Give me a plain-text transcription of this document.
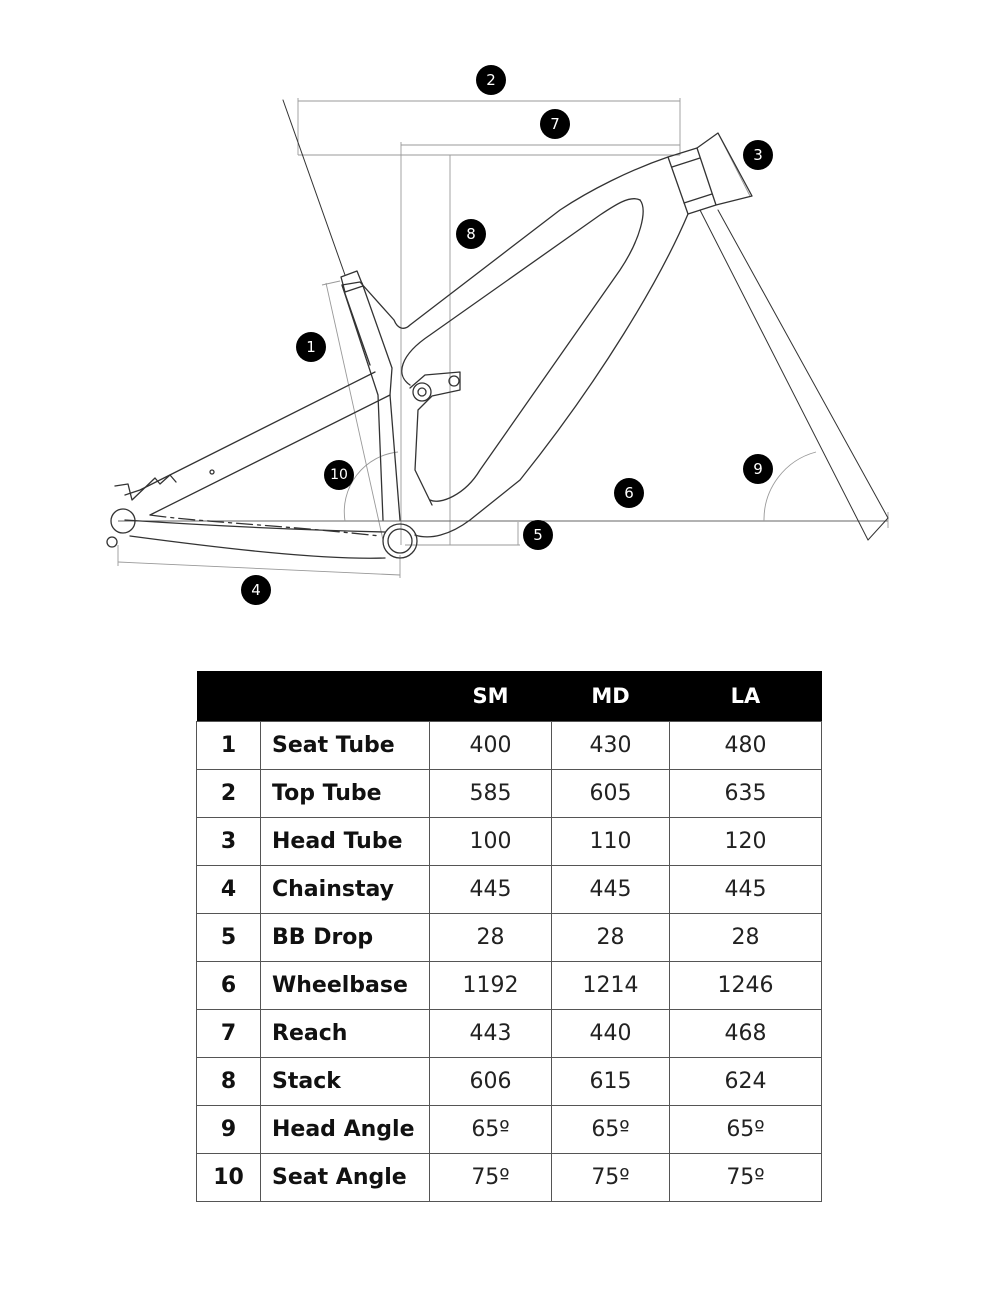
1
2
3
4
5
6
7
8
9
10
		SM	MD	LA
1	Seat Tube	400	430	480
2	Top Tube	585	605	635
3	Head Tube	100	110	120
4	Chainstay	445	445	445
5	BB Drop	28	28	28
6	Wheelbase	1192	1214	1246
7	Reach	443	440	468
8	Stack	606	615	624
9	Head Angle	65º	65º	65º
10	Seat Angle	75º	75º	75º
